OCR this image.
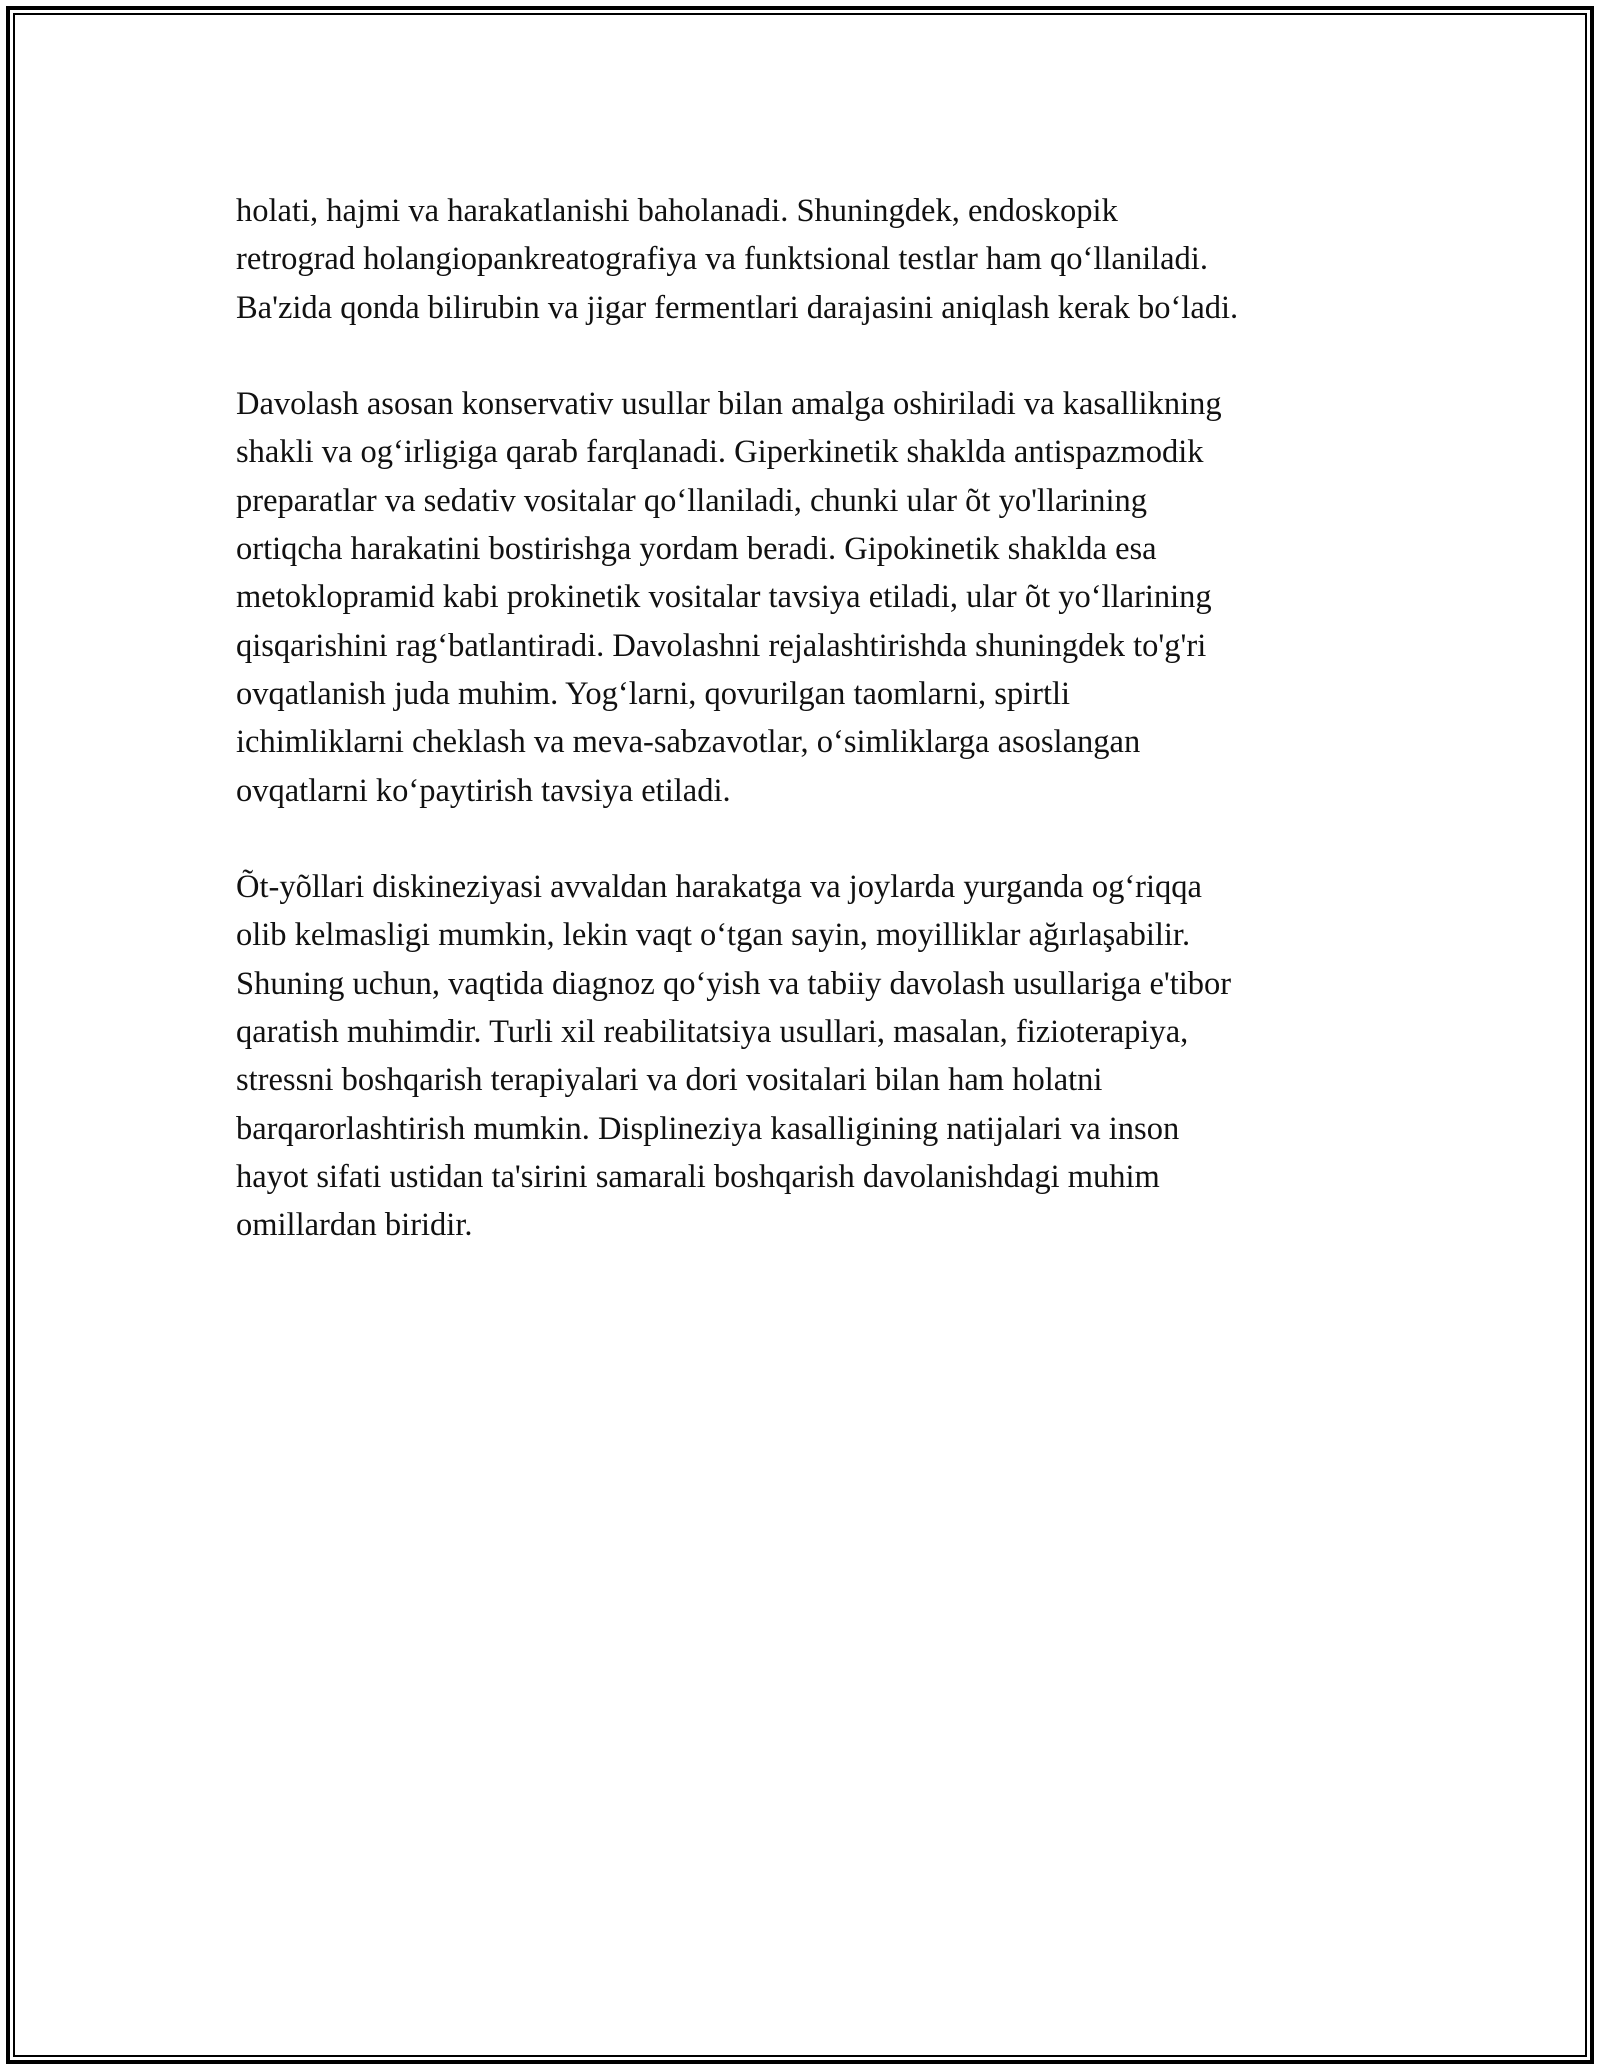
holati, hajmi va harakatlanishi baholanadi. Shuningdek, endoskopik
retrograd holangiopankreatografiya va funktsional testlar ham qo‘llaniladi.
Ba'zida qonda bilirubin va jigar fermentlari darajasini aniqlash kerak bo‘ladi.

Davolash asosan konservativ usullar bilan amalga oshiriladi va kasallikning
shakli va og‘irligiga qarab farqlanadi. Giperkinetik shaklda antispazmodik
preparatlar va sedativ vositalar qo‘llaniladi, chunki ular õt yo'llarining
ortiqcha harakatini bostirishga yordam beradi. Gipokinetik shaklda esa
metoklopramid kabi prokinetik vositalar tavsiya etiladi, ular õt yo‘llarining
qisqarishini rag‘batlantiradi. Davolashni rejalashtirishda shuningdek to'g'ri
ovqatlanish juda muhim. Yog‘larni, qovurilgan taomlarni, spirtli
ichimliklarni cheklash va meva-sabzavotlar, o‘simliklarga asoslangan
ovqatlarni ko‘paytirish tavsiya etiladi.

Õt-yõllari diskineziyasi avvaldan harakatga va joylarda yurganda og‘riqqa
olib kelmasligi mumkin, lekin vaqt o‘tgan sayin, moyilliklar ağırlaşabilir.
Shuning uchun, vaqtida diagnoz qo‘yish va tabiiy davolash usullariga e'tibor
qaratish muhimdir. Turli xil reabilitatsiya usullari, masalan, fizioterapiya,
stressni boshqarish terapiyalari va dori vositalari bilan ham holatni
barqarorlashtirish mumkin. Displineziya kasalligining natijalari va inson
hayot sifati ustidan ta'sirini samarali boshqarish davolanishdagi muhim
omillardan biridir.
